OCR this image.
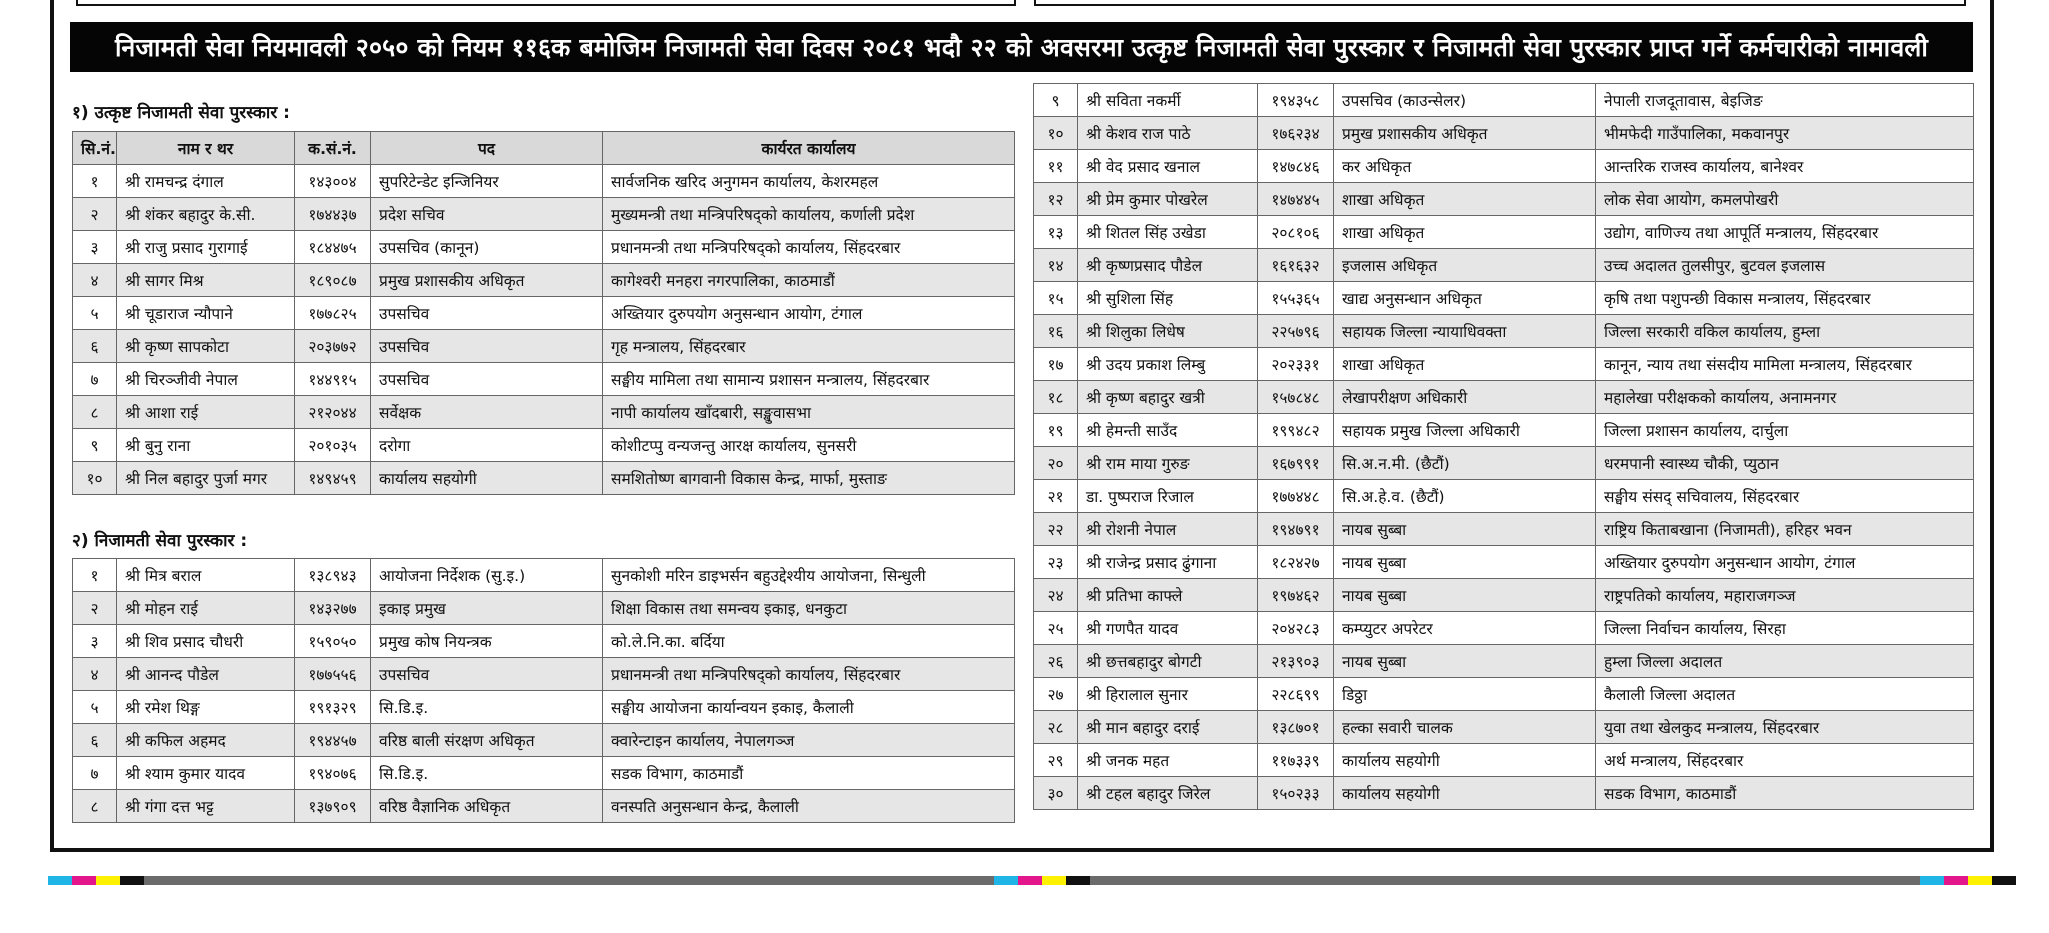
निजामती सेवा नियमावली २०५० को नियम ११६क बमोजिम निजामती सेवा दिवस २०८१ भदौ २२ को अवसरमा उत्कृष्ट निजामती सेवा पुरस्कार र निजामती सेवा पुरस्कार प्राप्त गर्ने कर्मचारीको नामावली
१) उत्कृष्ट निजामती सेवा पुरस्कार :
सि.नं.	नाम र थर	क.सं.नं.	पद	कार्यरत कार्यालय
१	श्री रामचन्द्र दंगाल	१४३००४	सुपरिटेन्डेट इन्जिनियर	सार्वजनिक खरिद अनुगमन कार्यालय, केशरमहल
२	श्री शंकर बहादुर के.सी.	१७४४३७	प्रदेश सचिव	मुख्यमन्त्री तथा मन्त्रिपरिषद्को कार्यालय, कर्णाली प्रदेश
३	श्री राजु प्रसाद गुरागाई	१८४४७५	उपसचिव (कानून)	प्रधानमन्त्री तथा मन्त्रिपरिषद्को कार्यालय, सिंहदरबार
४	श्री सागर मिश्र	१८९०८७	प्रमुख प्रशासकीय अधिकृत	कागेश्वरी मनहरा नगरपालिका, काठमाडौं
५	श्री चूडाराज न्यौपाने	१७७८२५	उपसचिव	अख्तियार दुरुपयोग अनुसन्धान आयोग, टंगाल
६	श्री कृष्ण सापकोटा	२०३७७२	उपसचिव	गृह मन्त्रालय, सिंहदरबार
७	श्री चिरञ्जीवी नेपाल	१४४९१५	उपसचिव	सङ्घीय मामिला तथा सामान्य प्रशासन मन्त्रालय, सिंहदरबार
८	श्री आशा राई	२१२०४४	सर्वेक्षक	नापी कार्यालय खाँदबारी, सङ्खुवासभा
९	श्री बुनु राना	२०१०३५	दरोगा	कोशीटप्पु वन्यजन्तु आरक्ष कार्यालय, सुनसरी
१०	श्री निल बहादुर पुर्जा मगर	१४९४५९	कार्यालय सहयोगी	समशितोष्ण बागवानी विकास केन्द्र, मार्फा, मुस्ताङ
२) निजामती सेवा पुरस्कार :
१	श्री मित्र बराल	१३८९४३	आयोजना निर्देशक (सु.इ.)	सुनकोशी मरिन डाइभर्सन बहुउद्देश्यीय आयोजना, सिन्धुली
२	श्री मोहन राई	१४३२७७	इकाइ प्रमुख	शिक्षा विकास तथा समन्वय इकाइ, धनकुटा
३	श्री शिव प्रसाद चौधरी	१५९०५०	प्रमुख कोष नियन्त्रक	को.ले.नि.का. बर्दिया
४	श्री आनन्द पौडेल	१७७५५६	उपसचिव	प्रधानमन्त्री तथा मन्त्रिपरिषद्को कार्यालय, सिंहदरबार
५	श्री रमेश थिङ्ग	१९१३२९	सि.डि.इ.	सङ्घीय आयोजना कार्यान्वयन इकाइ, कैलाली
६	श्री कफिल अहमद	१९४४५७	वरिष्ठ बाली संरक्षण अधिकृत	क्वारेन्टाइन कार्यालय, नेपालगञ्ज
७	श्री श्याम कुमार यादव	१९४०७६	सि.डि.इ.	सडक विभाग, काठमाडौं
८	श्री गंगा दत्त भट्ट	१३७९०९	वरिष्ठ वैज्ञानिक अधिकृत	वनस्पति अनुसन्धान केन्द्र, कैलाली
९	श्री सविता नकर्मी	१९४३५८	उपसचिव (काउन्सेलर)	नेपाली राजदूतावास, बेइजिङ
१०	श्री केशव राज पाठे	१७६२३४	प्रमुख प्रशासकीय अधिकृत	भीमफेदी गाउँपालिका, मकवानपुर
११	श्री वेद प्रसाद खनाल	१४७८४६	कर अधिकृत	आन्तरिक राजस्व कार्यालय, बानेश्वर
१२	श्री प्रेम कुमार पोखरेल	१४७४४५	शाखा अधिकृत	लोक सेवा आयोग, कमलपोखरी
१३	श्री शितल सिंह उखेडा	२०८१०६	शाखा अधिकृत	उद्योग, वाणिज्य तथा आपूर्ति मन्त्रालय, सिंहदरबार
१४	श्री कृष्णप्रसाद पौडेल	१६१६३२	इजलास अधिकृत	उच्च अदालत तुलसीपुर, बुटवल इजलास
१५	श्री सुशिला सिंह	१५५३६५	खाद्य अनुसन्धान अधिकृत	कृषि तथा पशुपन्छी विकास मन्त्रालय, सिंहदरबार
१६	श्री शिलुका लिधेष	२२५७९६	सहायक जिल्ला न्यायाधिवक्ता	जिल्ला सरकारी वकिल कार्यालय, हुम्ला
१७	श्री उदय प्रकाश लिम्बु	२०२३३१	शाखा अधिकृत	कानून, न्याय तथा संसदीय मामिला मन्त्रालय, सिंहदरबार
१८	श्री कृष्ण बहादुर खत्री	१५७८४८	लेखापरीक्षण अधिकारी	महालेखा परीक्षकको कार्यालय, अनामनगर
१९	श्री हेमन्ती साउँद	१९९४८२	सहायक प्रमुख जिल्ला अधिकारी	जिल्ला प्रशासन कार्यालय, दार्चुला
२०	श्री राम माया गुरुङ	१६७९९१	सि.अ.न.मी. (छैटौं)	धरमपानी स्वास्थ्य चौकी, प्युठान
२१	डा. पुष्पराज रिजाल	१७७४४८	सि.अ.हे.व. (छैटौं)	सङ्घीय संसद् सचिवालय, सिंहदरबार
२२	श्री रोशनी नेपाल	१९४७९१	नायब सुब्बा	राष्ट्रिय किताबखाना (निजामती), हरिहर भवन
२३	श्री राजेन्द्र प्रसाद ढुंगाना	१८२४२७	नायब सुब्बा	अख्तियार दुरुपयोग अनुसन्धान आयोग, टंगाल
२४	श्री प्रतिभा काफ्ले	१९७४६२	नायब सुब्बा	राष्ट्रपतिको कार्यालय, महाराजगञ्ज
२५	श्री गणपैत यादव	२०४२८३	कम्प्युटर अपरेटर	जिल्ला निर्वाचन कार्यालय, सिरहा
२६	श्री छत्तबहादुर बोगटी	२१३९०३	नायब सुब्बा	हुम्ला जिल्ला अदालत
२७	श्री हिरालाल सुनार	२२८६९९	डिठ्ठा	कैलाली जिल्ला अदालत
२८	श्री मान बहादुर दराई	१३८७०१	हल्का सवारी चालक	युवा तथा खेलकुद मन्त्रालय, सिंहदरबार
२९	श्री जनक महत	११७३३९	कार्यालय सहयोगी	अर्थ मन्त्रालय, सिंहदरबार
३०	श्री टहल बहादुर जिरेल	१५०२३३	कार्यालय सहयोगी	सडक विभाग, काठमाडौं
